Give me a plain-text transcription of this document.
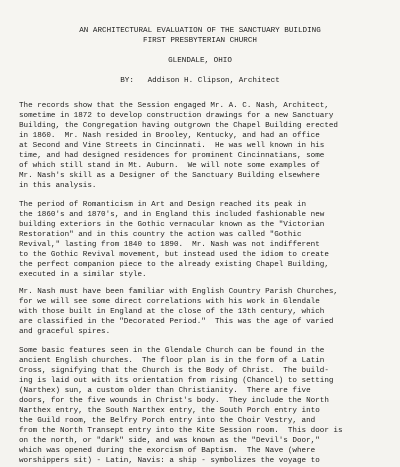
AN ARCHITECTURAL EVALUATION OF THE SANCTUARY BUILDING
FIRST PRESBYTERIAN CHURCH
GLENDALE, OHIO
BY:   Addison H. Clipson, Architect
The records show that the Session engaged Mr. A. C. Nash, Architect,
sometime in 1872 to develop construction drawings for a new Sanctuary
Building, the Congregation having outgrown the Chapel Building erected
in 1860.  Mr. Nash resided in Brooley, Kentucky, and had an office
at Second and Vine Streets in Cincinnati.  He was well known in his
time, and had designed residences for prominent Cincinnatians, some
of which still stand in Mt. Auburn.  We will note some examples of
Mr. Nash's skill as a Designer of the Sanctuary Building elsewhere
in this analysis.
The period of Romanticism in Art and Design reached its peak in
the 1860's and 1870's, and in England this included fashionable new
building exteriors in the Gothic vernacular known as the "Victorian
Restoration" and in this country the action was called "Gothic
Revival," lasting from 1840 to 1890.  Mr. Nash was not indifferent
to the Gothic Revival movement, but instead used the idiom to create
the perfect companion piece to the already existing Chapel Building,
executed in a similar style.
Mr. Nash must have been familiar with English Country Parish Churches,
for we will see some direct correlations with his work in Glendale
with those built in England at the close of the 13th century, which
are classified in the "Decorated Period."  This was the age of varied
and graceful spires.
Some basic features seen in the Glendale Church can be found in the
ancient English churches.  The floor plan is in the form of a Latin
Cross, signifying that the Church is the Body of Christ.  The build-
ing is laid out with its orientation from rising (Chancel) to setting
(Narthex) sun, a custom older than Christianity.  There are five
doors, for the five wounds in Christ's body.  They include the North
Narthex entry, the South Narthex entry, the South Porch entry into
the Guild room, the Belfry Porch entry into the Choir Vestry, and
from the North Transept entry into the Kite Session room.  This door is
on the north, or "dark" side, and was known as the "Devil's Door,"
which was opened during the exorcism of Baptism.  The Nave (where
worshippers sit) - Latin, Navis: a ship - symbolizes the voyage to
